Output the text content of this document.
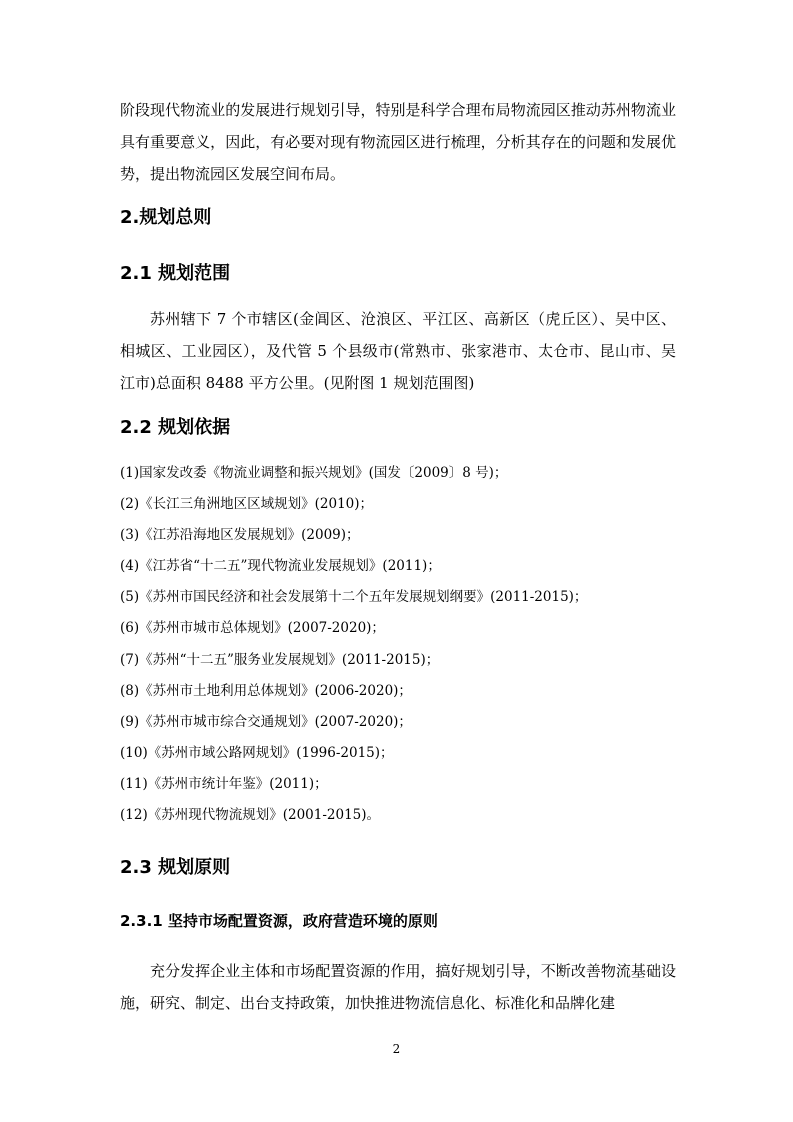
阶段现代物流业的发展进行规划引导，特别是科学合理布局物流园区推动苏州物流业具有重要意义，因此，有必要对现有物流园区进行梳理，分析其存在的问题和发展优势，提出物流园区发展空间布局。

2.规划总则
2.1 规划范围

苏州辖下 7 个市辖区(金阊区、沧浪区、平江区、高新区（虎丘区）、吴中区、相城区、工业园区），及代管 5 个县级市(常熟市、张家港市、太仓市、昆山市、吴江市)总面积 8488 平方公里。(见附图 1 规划范围图)

2.2 规划依据
(1)国家发改委《物流业调整和振兴规划》(国发〔2009〕8 号)；
(2)《长江三角洲地区区域规划》(2010)；
(3)《江苏沿海地区发展规划》(2009)；
(4)《江苏省“十二五”现代物流业发展规划》(2011)；
(5)《苏州市国民经济和社会发展第十二个五年发展规划纲要》(2011-2015)；
(6)《苏州市城市总体规划》(2007-2020)；
(7)《苏州“十二五”服务业发展规划》(2011-2015)；
(8)《苏州市土地利用总体规划》(2006-2020)；
(9)《苏州市城市综合交通规划》(2007-2020)；
(10)《苏州市域公路网规划》(1996-2015)；
(11)《苏州市统计年鉴》(2011)；
(12)《苏州现代物流规划》(2001-2015)。
2.3 规划原则
2.3.1 坚持市场配置资源，政府营造环境的原则

充分发挥企业主体和市场配置资源的作用，搞好规划引导，不断改善物流基础设施，研究、制定、出台支持政策，加快推进物流信息化、标准化和品牌化建

2
